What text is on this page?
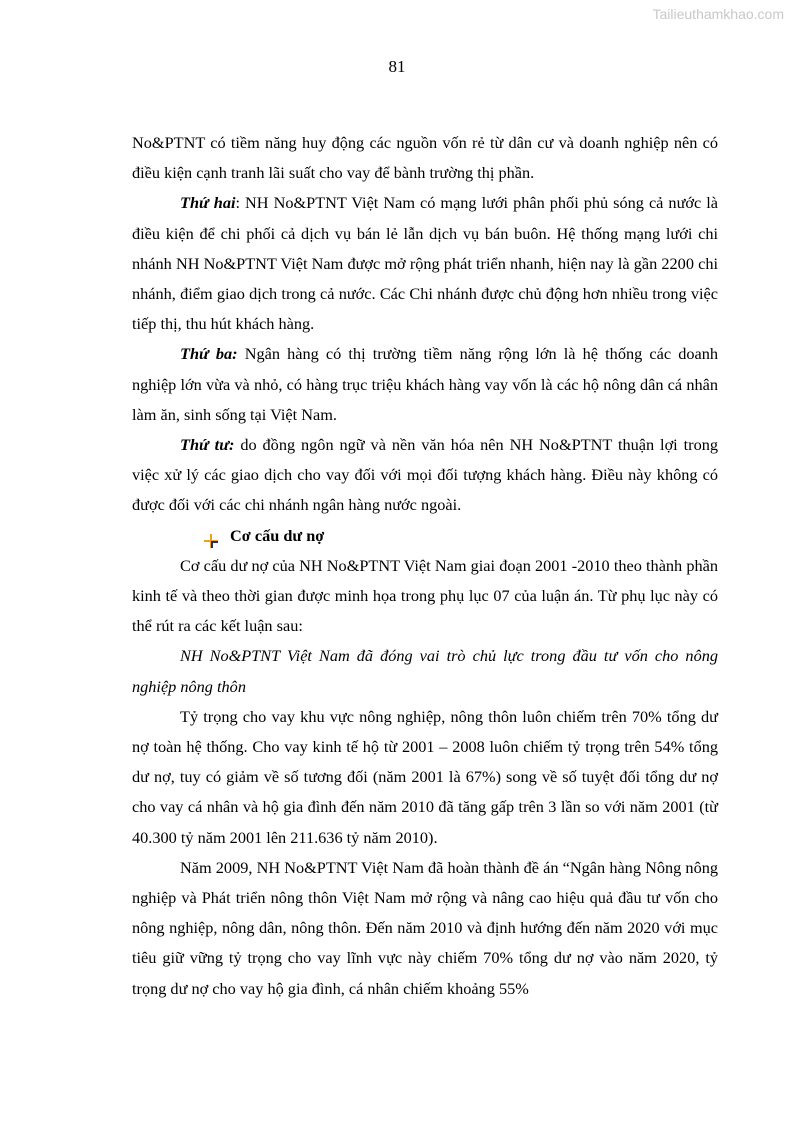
Tailieuthamkhao.com
81

No&PTNT có tiềm năng huy động các nguồn vốn rẻ từ dân cư và doanh nghiệp nên có điều kiện cạnh tranh lãi suất cho vay để bành trường thị phần.

Thứ hai: NH No&PTNT Việt Nam có mạng lưới phân phối phủ sóng cả nước là điều kiện để chi phối cả dịch vụ bán lẻ lẫn dịch vụ bán buôn. Hệ thống mạng lưới chi nhánh NH No&PTNT Việt Nam được mở rộng phát triển nhanh, hiện nay là gần 2200 chi nhánh, điểm giao dịch trong cả nước. Các Chi nhánh được chủ động hơn nhiều trong việc tiếp thị, thu hút khách hàng.

Thứ ba: Ngân hàng có thị trường tiềm năng rộng lớn là hệ thống các doanh nghiệp lớn vừa và nhỏ, có hàng trục triệu khách hàng vay vốn là các hộ nông dân cá nhân làm ăn, sinh sống tại Việt Nam.

Thứ tư: do đồng ngôn ngữ và nền văn hóa nên NH No&PTNT thuận lợi trong việc xử lý các giao dịch cho vay đối với mọi đối tượng khách hàng. Điều này không có được đối với các chi nhánh ngân hàng nước ngoài.

Cơ cấu dư nợ

Cơ cấu dư nợ của NH No&PTNT Việt Nam giai đoạn 2001 -2010 theo thành phần kinh tế và theo thời gian được minh họa trong phụ lục 07 của luận án. Từ phụ lục này có thể rút ra các kết luận sau:

NH No&PTNT Việt Nam đã đóng vai trò chủ lực trong đầu tư vốn cho nông nghiệp nông thôn

Tỷ trọng cho vay khu vực nông nghiệp, nông thôn luôn chiếm trên 70% tổng dư nợ toàn hệ thống. Cho vay kinh tế hộ từ 2001 – 2008 luôn chiếm tỷ trọng trên 54% tổng dư nợ, tuy có giảm về số tương đối (năm 2001 là 67%) song về số tuyệt đối tổng dư nợ cho vay cá nhân và hộ gia đình đến năm 2010 đã tăng gấp trên 3 lần so với năm 2001 (từ 40.300 tỷ năm 2001 lên 211.636 tỷ năm 2010).

Năm 2009, NH No&PTNT Việt Nam đã hoàn thành đề án “Ngân hàng Nông nông nghiệp và Phát triển nông thôn Việt Nam mở rộng và nâng cao hiệu quả đầu tư vốn cho nông nghiệp, nông dân, nông thôn. Đến năm 2010 và định hướng đến năm 2020 với mục tiêu giữ vững tỷ trọng cho vay lĩnh vực này chiếm 70% tổng dư nợ vào năm 2020, tỷ trọng dư nợ cho vay hộ gia đình, cá nhân chiếm khoảng 55%
